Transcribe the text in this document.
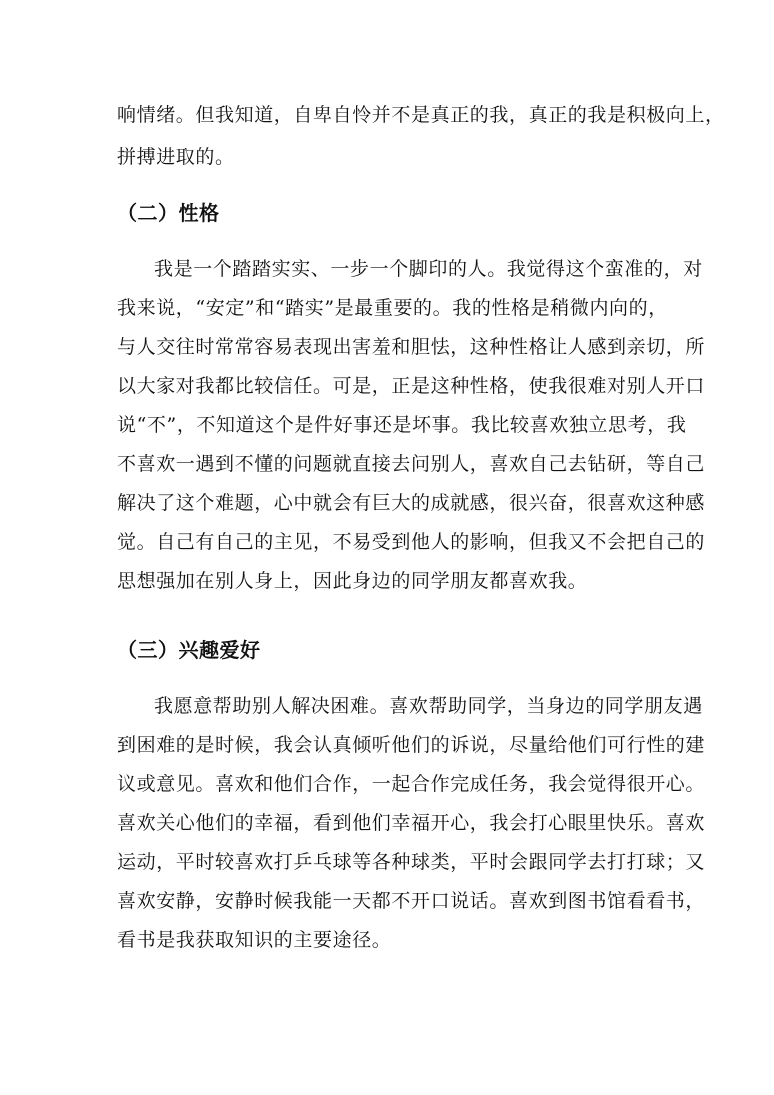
响情绪。但我知道，自卑自怜并不是真正的我，真正的我是积极向上，
拼搏进取的。
（二）性格
我是一个踏踏实实、一步一个脚印的人。我觉得这个蛮准的，对
我来说，“安定”和“踏实”是最重要的。我的性格是稍微内向的，
与人交往时常常容易表现出害羞和胆怯，这种性格让人感到亲切，所
以大家对我都比较信任。可是，正是这种性格，使我很难对别人开口
说“不”，不知道这个是件好事还是坏事。我比较喜欢独立思考，我
不喜欢一遇到不懂的问题就直接去问别人，喜欢自己去钻研，等自己
解决了这个难题，心中就会有巨大的成就感，很兴奋，很喜欢这种感
觉。自己有自己的主见，不易受到他人的影响，但我又不会把自己的
思想强加在别人身上，因此身边的同学朋友都喜欢我。
（三）兴趣爱好
我愿意帮助别人解决困难。喜欢帮助同学，当身边的同学朋友遇
到困难的是时候，我会认真倾听他们的诉说，尽量给他们可行性的建
议或意见。喜欢和他们合作，一起合作完成任务，我会觉得很开心。
喜欢关心他们的幸福，看到他们幸福开心，我会打心眼里快乐。喜欢
运动，平时较喜欢打乒乓球等各种球类，平时会跟同学去打打球；又
喜欢安静，安静时候我能一天都不开口说话。喜欢到图书馆看看书，
看书是我获取知识的主要途径。
